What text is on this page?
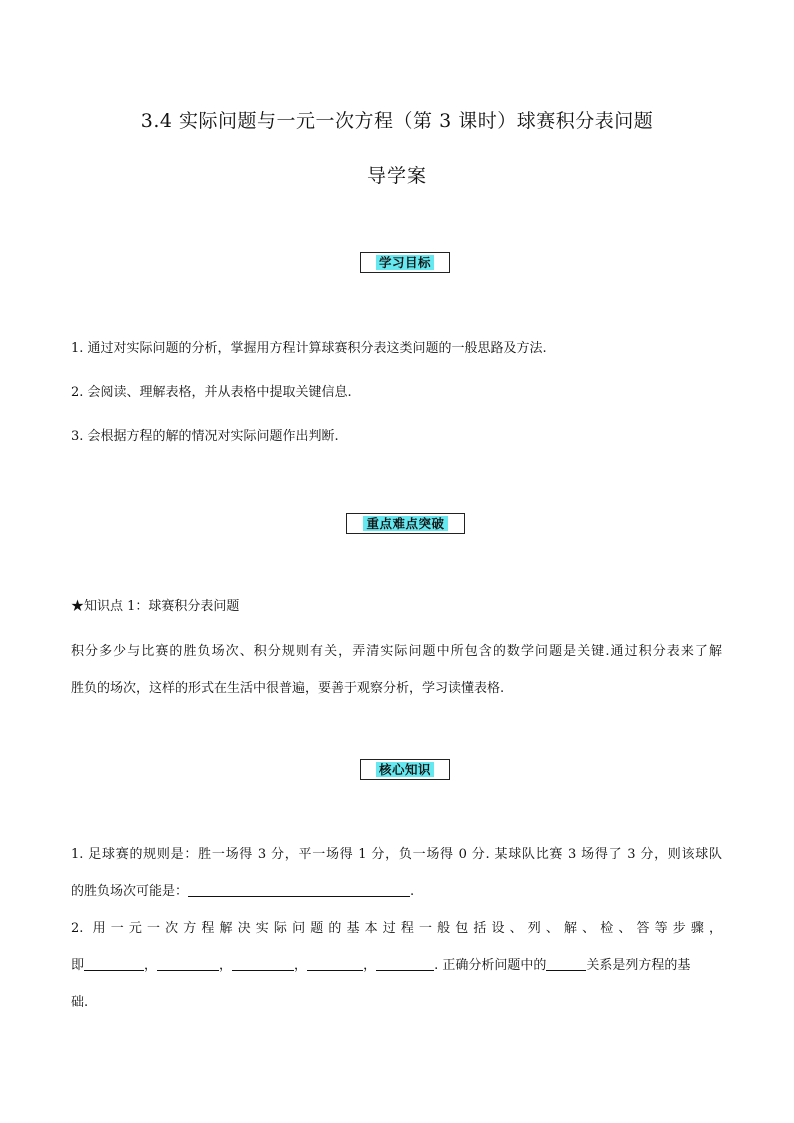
3.4 实际问题与一元一次方程（第 3 课时）球赛积分表问题
导学案
学习目标
1. 通过对实际问题的分析，掌握用方程计算球赛积分表这类问题的一般思路及方法.
2. 会阅读、理解表格，并从表格中提取关键信息.
3. 会根据方程的解的情况对实际问题作出判断.
重点难点突破
★知识点 1：球赛积分表问题
积分多少与比赛的胜负场次、积分规则有关，弄清实际问题中所包含的数学问题是关键.通过积分表来了解
胜负的场次，这样的形式在生活中很普遍，要善于观察分析，学习读懂表格.
核心知识
1. 足球赛的规则是：胜一场得 3 分，平一场得 1 分，负一场得 0 分. 某球队比赛 3 场得了 3 分，则该球队
的胜负场次可能是：	.
2. 用一元一次方程解决实际问题的基本过程一般包括设、列、解、检、答等步骤，
即	，	，	，	，	. 正确分析问题中的	关系是列方程的基
础.
